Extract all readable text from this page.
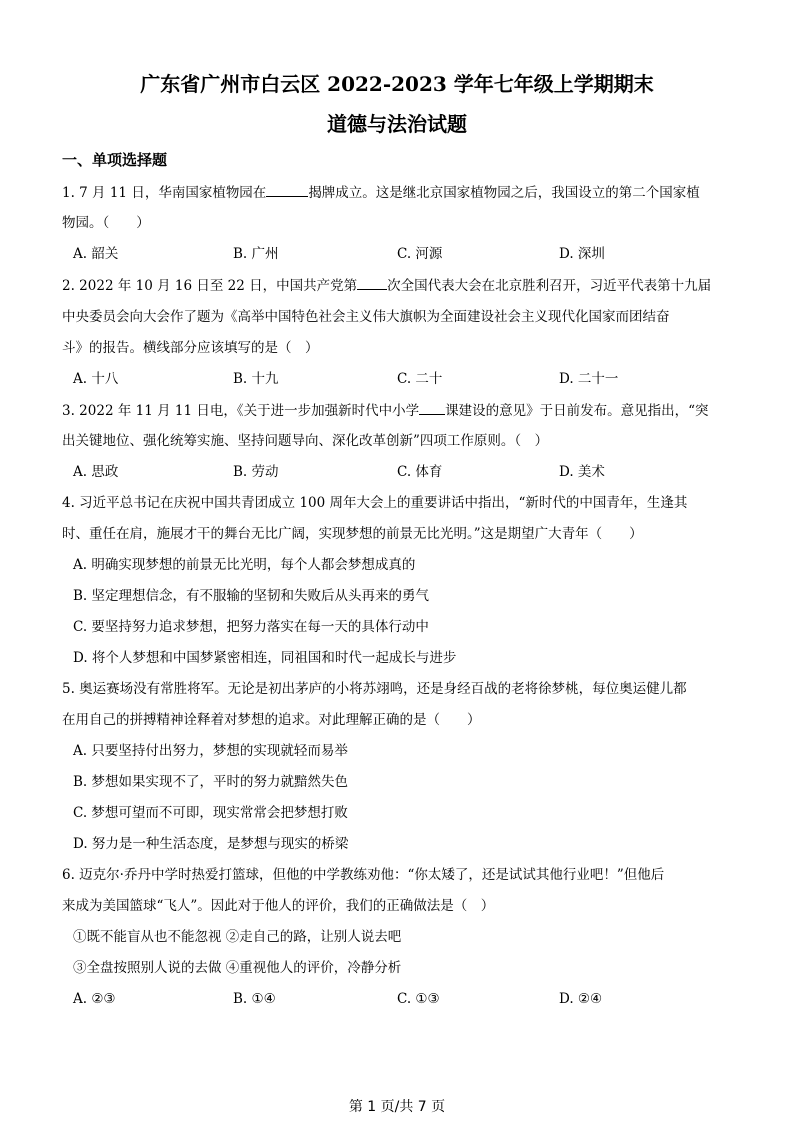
广东省广州市白云区 2022-2023 学年七年级上学期期末
道德与法治试题
一、单项选择题
1. 7 月 11 日，华南国家植物园在	揭牌成立。这是继北京国家植物园之后，我国设立的第二个国家植
物园。（　　）
A. 韶关	B. 广州	C. 河源	D. 深圳
2. 2022 年 10 月 16 日至 22 日，中国共产党第 次全国代表大会在北京胜利召开，习近平代表第十九届
中央委员会向大会作了题为《高举中国特色社会主义伟大旗帜为全面建设社会主义现代化国家而团结奋
斗》的报告。横线部分应该填写的是（　）
A. 十八	B. 十九	C. 二十	D. 二十一
3. 2022 年 11 月 11 日电，《关于进一步加强新时代中小学 课建设的意见》于日前发布。意见指出，“突
出关键地位、强化统筹实施、坚持问题导向、深化改革创新”四项工作原则。（　）
A. 思政	B. 劳动	C. 体育	D. 美术
4. 习近平总书记在庆祝中国共青团成立 100 周年大会上的重要讲话中指出，“新时代的中国青年，生逢其
时、重任在肩，施展才干的舞台无比广阔，实现梦想的前景无比光明。”这是期望广大青年（　　）
A. 明确实现梦想的前景无比光明，每个人都会梦想成真的
B. 坚定理想信念，有不服输的坚韧和失败后从头再来的勇气
C. 要坚持努力追求梦想，把努力落实在每一天的具体行动中
D. 将个人梦想和中国梦紧密相连，同祖国和时代一起成长与进步
5. 奥运赛场没有常胜将军。无论是初出茅庐的小将苏翊鸣，还是身经百战的老将徐梦桃，每位奥运健儿都
在用自己的拼搏精神诠释着对梦想的追求。对此理解正确的是（　　）
A. 只要坚持付出努力，梦想的实现就轻而易举
B. 梦想如果实现不了，平时的努力就黯然失色
C. 梦想可望而不可即，现实常常会把梦想打败
D. 努力是一种生活态度，是梦想与现实的桥梁
6. 迈克尔·乔丹中学时热爱打篮球，但他的中学教练劝他：“你太矮了，还是试试其他行业吧！”但他后
来成为美国篮球“飞人”。因此对于他人的评价，我们的正确做法是（　）
①既不能盲从也不能忽视 ②走自己的路，让别人说去吧
③全盘按照别人说的去做 ④重视他人的评价，冷静分析
A. ②③	B. ①④	C. ①③	D. ②④
第 1 页/共 7 页
